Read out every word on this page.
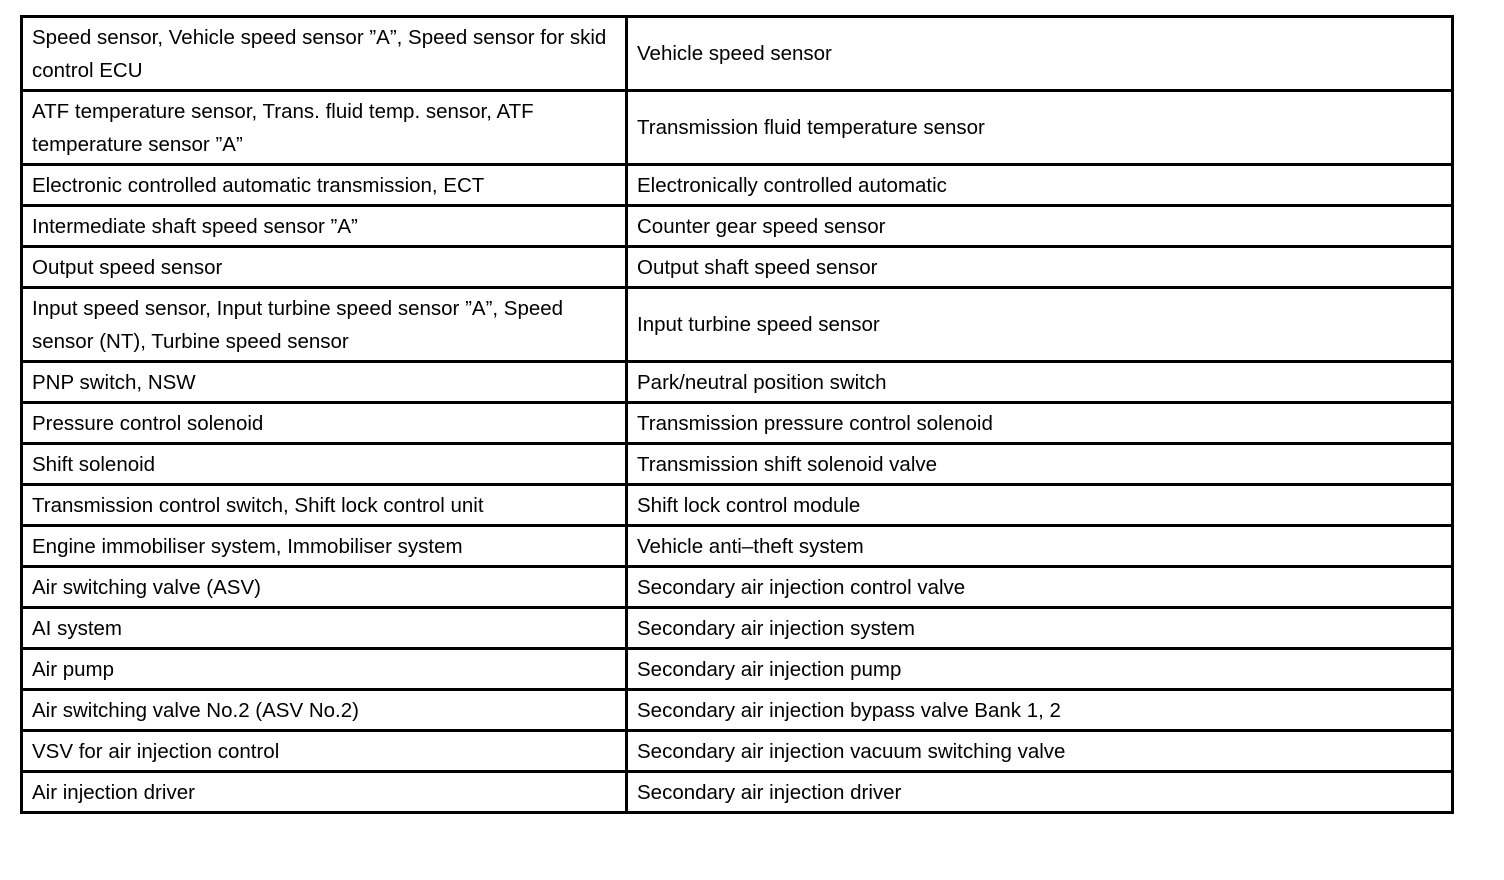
Speed sensor, Vehicle speed sensor ”A”, Speed sensor for skid control ECU	Vehicle speed sensor
ATF temperature sensor, Trans. fluid temp. sensor, ATF temperature sensor ”A”	Transmission fluid temperature sensor
Electronic controlled automatic transmission, ECT	Electronically controlled automatic
Intermediate shaft speed sensor ”A”	Counter gear speed sensor
Output speed sensor	Output shaft speed sensor
Input speed sensor, Input turbine speed sensor ”A”, Speed sensor (NT), Turbine speed sensor	Input turbine speed sensor
PNP switch, NSW	Park/neutral position switch
Pressure control solenoid	Transmission pressure control solenoid
Shift solenoid	Transmission shift solenoid valve
Transmission control switch, Shift lock control unit	Shift lock control module
Engine immobiliser system, Immobiliser system	Vehicle anti–theft system
Air switching valve (ASV)	Secondary air injection control valve
AI system	Secondary air injection system
Air pump	Secondary air injection pump
Air switching valve No.2 (ASV No.2)	Secondary air injection bypass valve Bank 1, 2
VSV for air injection control	Secondary air injection vacuum switching valve
Air injection driver	Secondary air injection driver
